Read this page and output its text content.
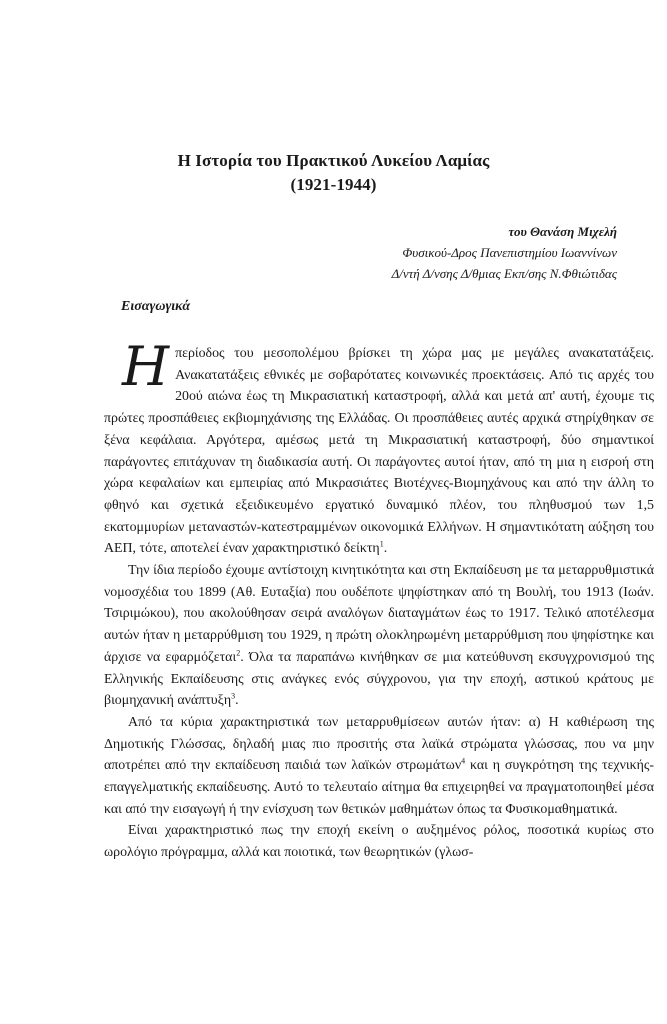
Η Ιστορία του Πρακτικού Λυκείου Λαμίας
(1921-1944)
του Θανάση Μιχελή
Φυσικού-Δρος Πανεπιστημίου Ιωαννίνων
Δ/ντή Δ/νσης Δ/θμιας Εκπ/σης Ν.Φθιώτιδας
Εισαγωγικά

Ηπερίοδος του μεσοπολέμου βρίσκει τη χώρα μας με μεγάλες ανακατατάξεις. Ανακατατάξεις εθνικές με σοβαρότατες κοινωνικές προεκτάσεις. Από τις αρχές του 20ού αιώνα έως τη Μικρασιατική καταστροφή, αλλά και μετά απ' αυτή, έχουμε τις πρώτες προσπάθειες εκβιομηχάνισης της Ελλάδας. Οι προσπάθειες αυτές αρχικά στηρίχθηκαν σε ξένα κεφάλαια. Αργότερα, αμέσως μετά τη Μικρασιατική καταστροφή, δύο σημαντικοί παράγοντες επιτάχυναν τη διαδικασία αυτή. Οι παράγοντες αυτοί ήταν, από τη μια η εισροή στη χώρα κεφαλαίων και εμπειρίας από Μικρασιάτες Βιοτέχνες-Βιομηχάνους και από την άλλη το φθηνό και σχετικά εξειδικευμένο εργατικό δυναμικό πλέον, του πληθυσμού των 1,5 εκατομμυρίων μεταναστών-κατεστραμμένων οικονομικά Ελλήνων. Η σημαντικότατη αύξηση του ΑΕΠ, τότε, αποτελεί έναν χαρακτηριστικό δείκτη$^1$.

Την ίδια περίοδο έχουμε αντίστοιχη κινητικότητα και στη Εκπαίδευση με τα μεταρρυθμιστικά νομοσχέδια του 1899 (Αθ. Ευταξία) που ουδέποτε ψηφίστηκαν από τη Βουλή, του 1913 (Ιωάν. Τσιριμώκου), που ακολούθησαν σειρά αναλόγων διαταγμάτων έως το 1917. Τελικό αποτέλεσμα αυτών ήταν η μεταρρύθμιση του 1929, η πρώτη ολοκληρωμένη μεταρρύθμιση που ψηφίστηκε και άρχισε να εφαρμόζεται$^2$. Όλα τα παραπάνω κινήθηκαν σε μια κατεύθυνση εκσυγχρονισμού της Ελληνικής Εκπαίδευσης στις ανάγκες ενός σύγχρονου, για την εποχή, αστικού κράτους με βιομηχανική ανάπτυξη$^3$.

Από τα κύρια χαρακτηριστικά των μεταρρυθμίσεων αυτών ήταν: α) Η καθιέρωση της Δημοτικής Γλώσσας, δηλαδή μιας πιο προσιτής στα λαϊκά στρώματα γλώσσας, που να μην αποτρέπει από την εκπαίδευση παιδιά των λαϊκών στρωμάτων$^4$ και η συγκρότηση της τεχνικής-επαγγελματικής εκπαίδευσης. Αυτό το τελευταίο αίτημα θα επιχειρηθεί να πραγματοποιηθεί μέσα και από την εισαγωγή ή την ενίσχυση των θετικών μαθημάτων όπως τα Φυσικομαθηματικά.

Είναι χαρακτηριστικό πως την εποχή εκείνη ο αυξημένος ρόλος, ποσοτικά κυρίως στο ωρολόγιο πρόγραμμα, αλλά και ποιοτικά, των θεωρητικών (γλωσ-
